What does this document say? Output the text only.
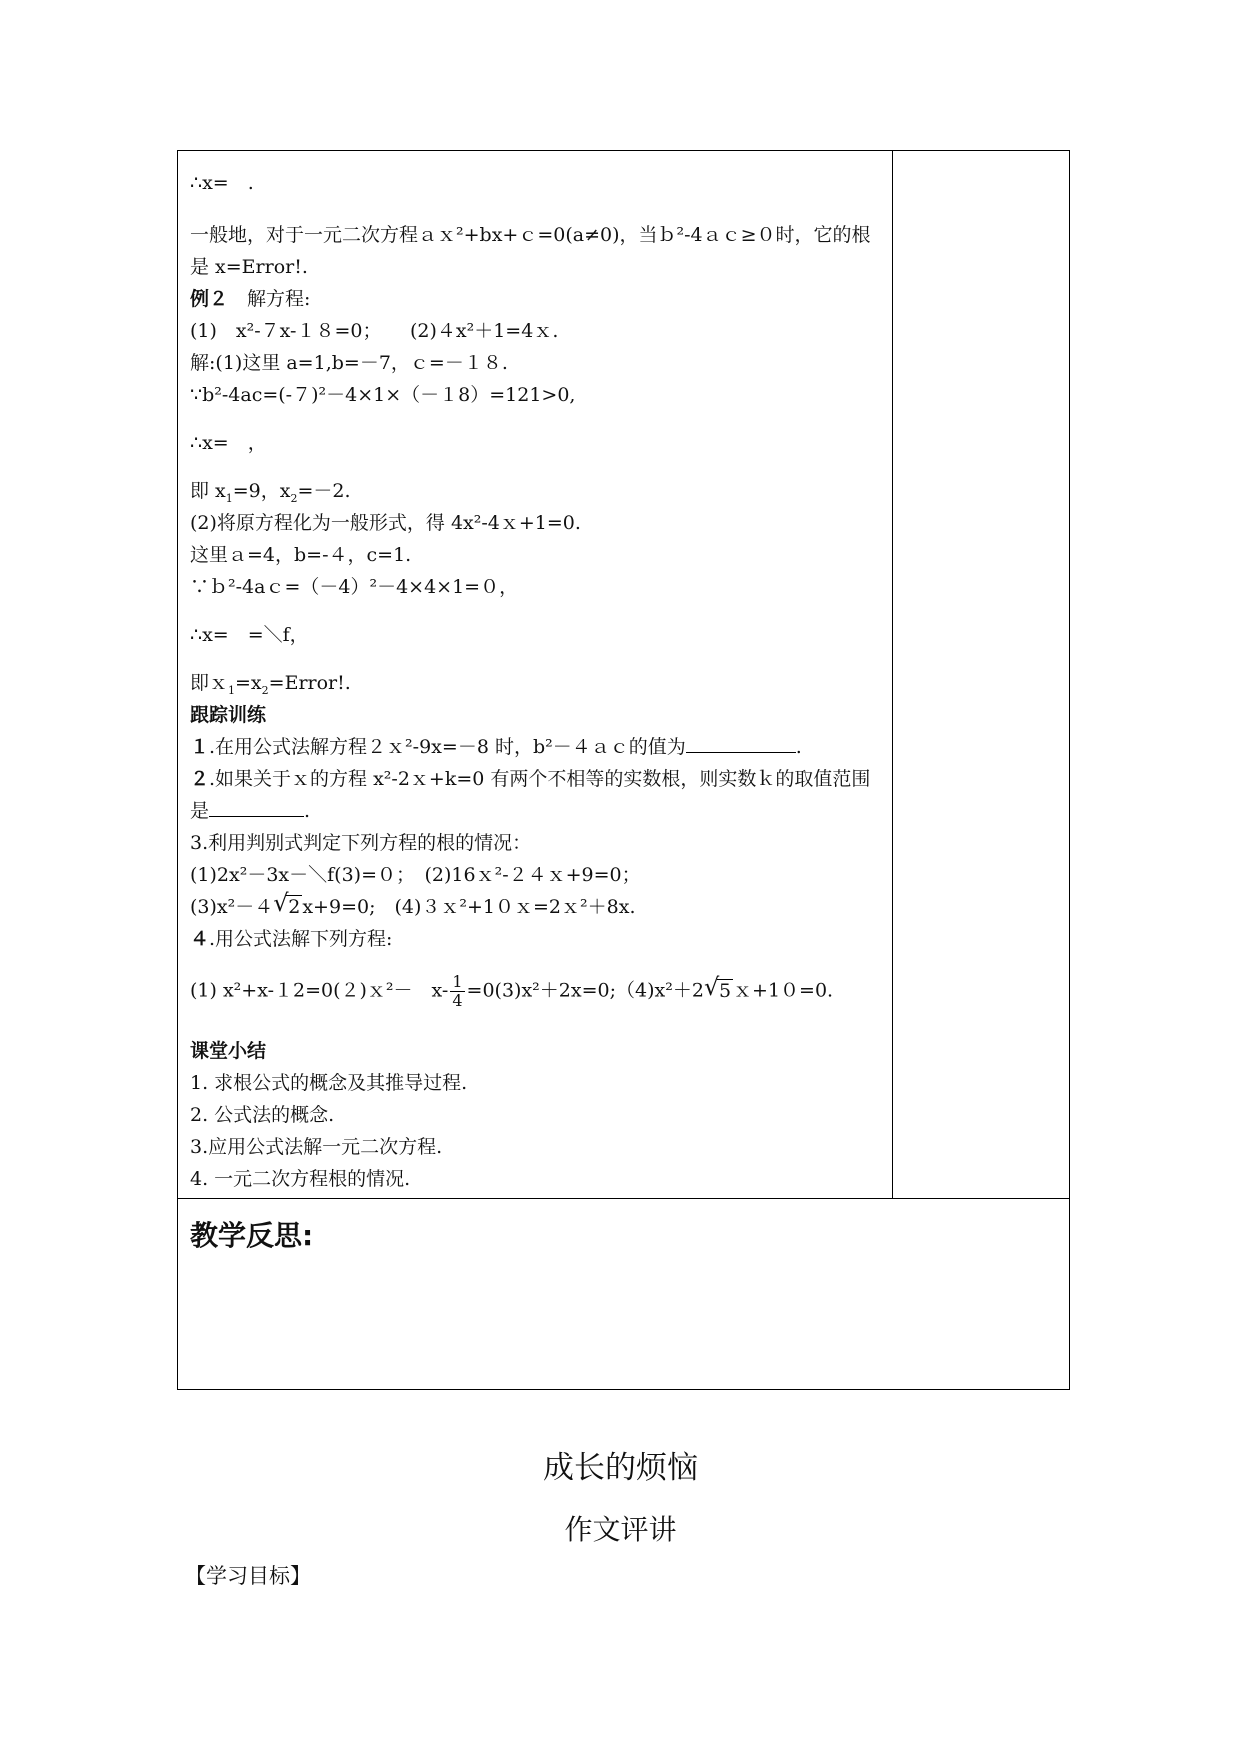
∴x=　.
一般地，对于一元二次方程ａｘ²+bx+ｃ=0(a≠0)，当ｂ²-4ａｃ≥０时，它的根是 x=Error!.
例２　解方程:
(1)　x²-７x-１８=0；　　(2)４x²＋1=4ｘ.
解:(1)这里 a=1,b=－7，ｃ=－１８.
∵b²-4ac=(-７)²－4×1×（－１8）=121>0,
∴x=　，
即 $x_1=9$，$x_2=-2$.
(2)将原方程化为一般形式，得 4x²-4ｘ+1=0.
这里ａ=4，b=-４，c=1.
∵ｂ²-4aｃ=（－4）²－4×4×1=０，
∴x=　=＼f，
即$x_1=x_2=Error$!.
跟踪训练
１.在用公式法解方程２ｘ²-9x=－8 时，b²－４ａｃ的值为	.
２.如果关于ｘ的方程 x²-2ｘ+k=0 有两个不相等的实数根，则实数ｋ的取值范围是	.
3.利用判别式判定下列方程的根的情况：
(1)2x²－3x－＼f(3)=０；　(2)16ｘ²-２４ｘ+9=0；
(3)x²－４ √ 2 x+9=0;　(4)３ｘ²+1０ｘ=2ｘ²＋8x.
４.用公式法解下列方程:
(1) x²+x-１2=0(２)ｘ²－　$x- \frac{1}{4}$ =0(3)x²＋2x=0;（4)x²＋2 √ 5 ｘ+1０=0.
课堂小结
1. 求根公式的概念及其推导过程.
2. 公式法的概念.
3.应用公式法解一元二次方程.
4. 一元二次方程根的情况.
教学反思:
成长的烦恼
作文评讲
【学习目标】
